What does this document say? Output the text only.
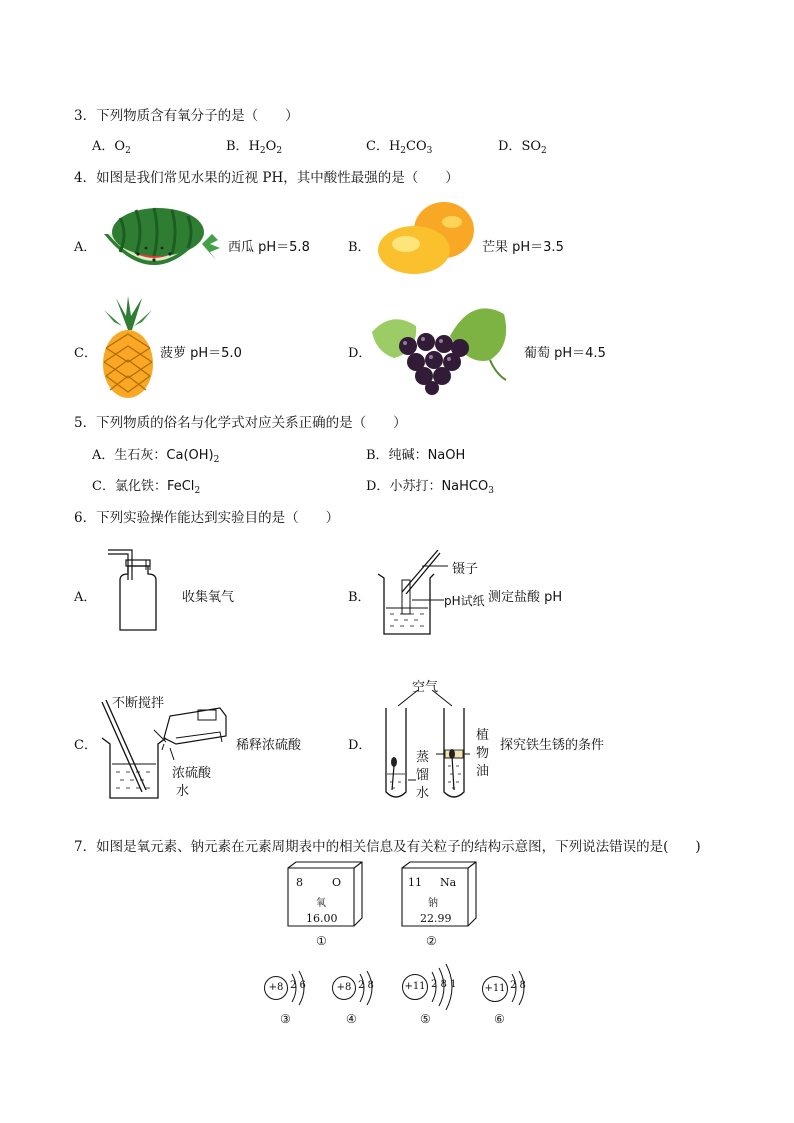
3．下列物质含有氧分子的是（　　）
A．$O_2$	B．$H_2O_2$	C．$H_2CO_3$	D．$SO_2$
4．如图是我们常见水果的近视 PH，其中酸性最强的是（　　）
A．	西瓜 pH＝5.8	B．	芒果 pH＝3.5
C．	菠萝 pH＝5.0	D．	葡萄 pH＝4.5
5．下列物质的俗名与化学式对应关系正确的是（　　）
A．生石灰：$Ca(OH)_2$	B．纯碱：NaOH
C．氯化铁：FeCl$_2$	D．小苏打：NaHCO$_3$
6．下列实验操作能达到实验目的是（　　）
A．	收集氧气	B．
镊子
pH试纸 测定盐酸 pH
C．
不断搅拌
浓硫酸
水
稀释浓硫酸	D．
空气
蒸
馏
水
植
物
油
探究铁生锈的条件
7．如图是氧元素、钠元素在元素周期表中的相关信息及有关粒子的结构示意图，下列说法错误的是(　　)
8	O
氧
16.00
①
11 Na
钠
22.99
②
+8 2 6
③
+8 2 8
④
+11 2 8 1
⑤
+11 2 8
⑥
